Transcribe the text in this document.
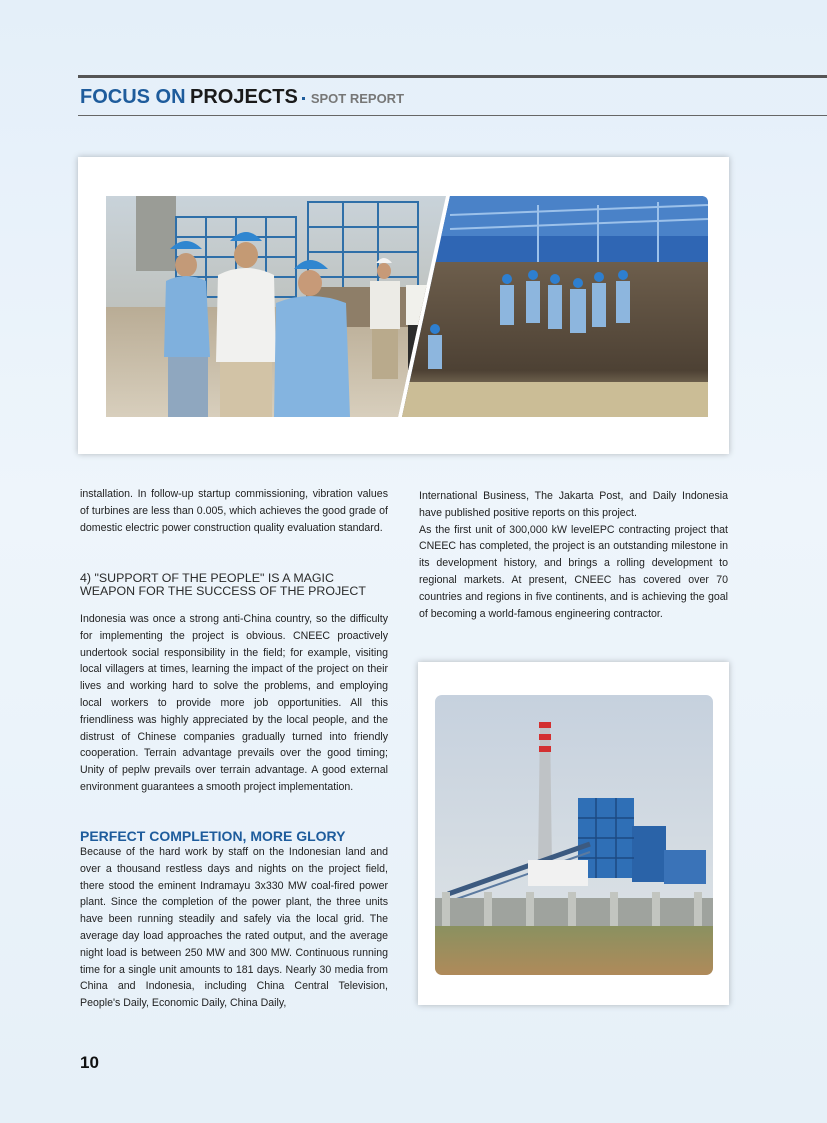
FOCUS ON PROJECTS SPOT REPORT

installation. In follow-up startup commissioning, vibration values of turbines are less than 0.005, which achieves the good grade of domestic electric power construction quality evaluation standard.

4) "SUPPORT OF THE PEOPLE" IS A MAGIC WEAPON FOR THE SUCCESS OF THE PROJECT

Indonesia was once a strong anti-China country, so the difficulty for implementing the project is obvious. CNEEC proactively undertook social responsibility in the field; for example, visiting local villagers at times, learning the impact of the project on their lives and working hard to solve the problems, and employing local workers to provide more job opportunities. All this friendliness was highly appreciated by the local people, and the distrust of Chinese companies gradually turned into friendly cooperation. Terrain advantage prevails over the good timing; Unity of peplw prevails over terrain advantage. A good external environment guarantees a smooth project implementation.

PERFECT COMPLETION, MORE GLORY

Because of the hard work by staff on the Indonesian land and over a thousand restless days and nights on the project field, there stood the eminent Indramayu 3x330 MW coal-fired power plant. Since the completion of the power plant, the three units have been running steadily and safely via the local grid. The average day load approaches the rated output, and the average night load is between 250 MW and 300 MW. Continuous running time for a single unit amounts to 181 days. Nearly 30 media from China and Indonesia, including China Central Television, People's Daily, Economic Daily, China Daily,

International Business, The Jakarta Post, and Daily Indonesia have published positive reports on this project.

As the first unit of 300,000 kW levelEPC contracting project that CNEEC has completed, the project is an outstanding milestone in its development history, and brings a rolling development to regional markets. At present, CNEEC has covered over 70 countries and regions in five continents, and is achieving the goal of becoming a world-famous engineering contractor.

10
